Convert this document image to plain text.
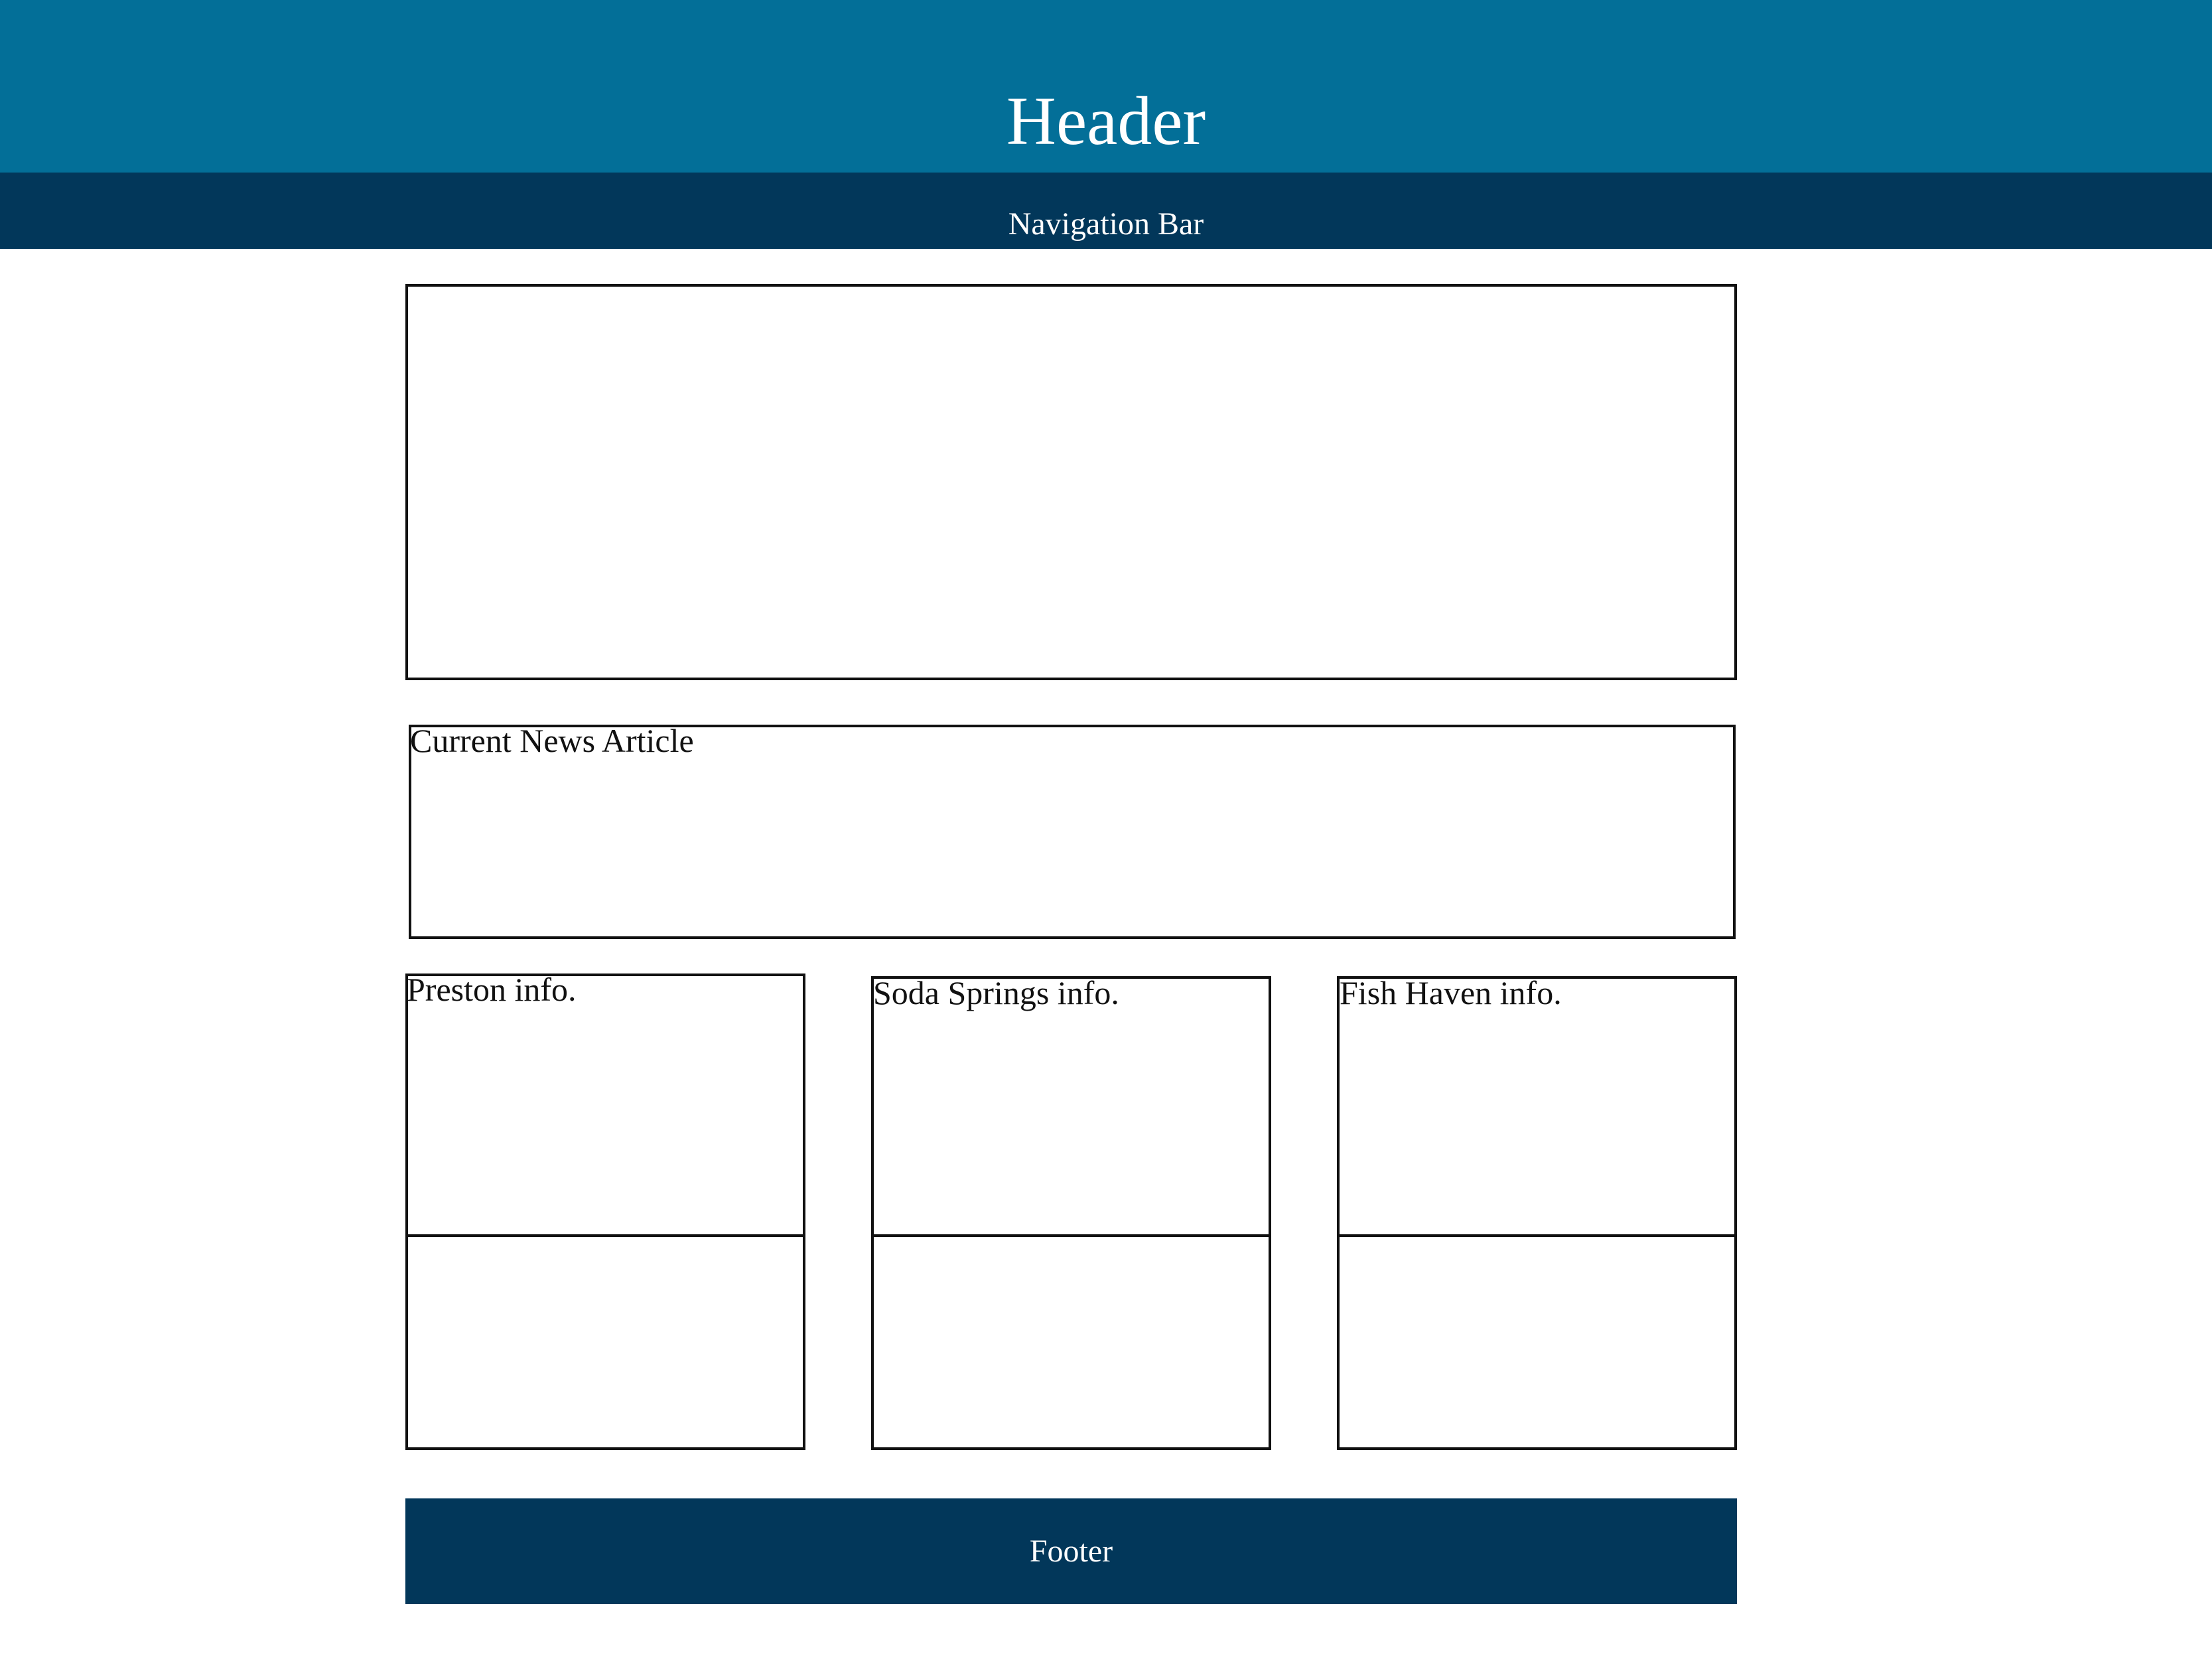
Header
Navigation Bar
Current News Article
Preston info.	Soda Springs info.	Fish Haven info.
Footer
